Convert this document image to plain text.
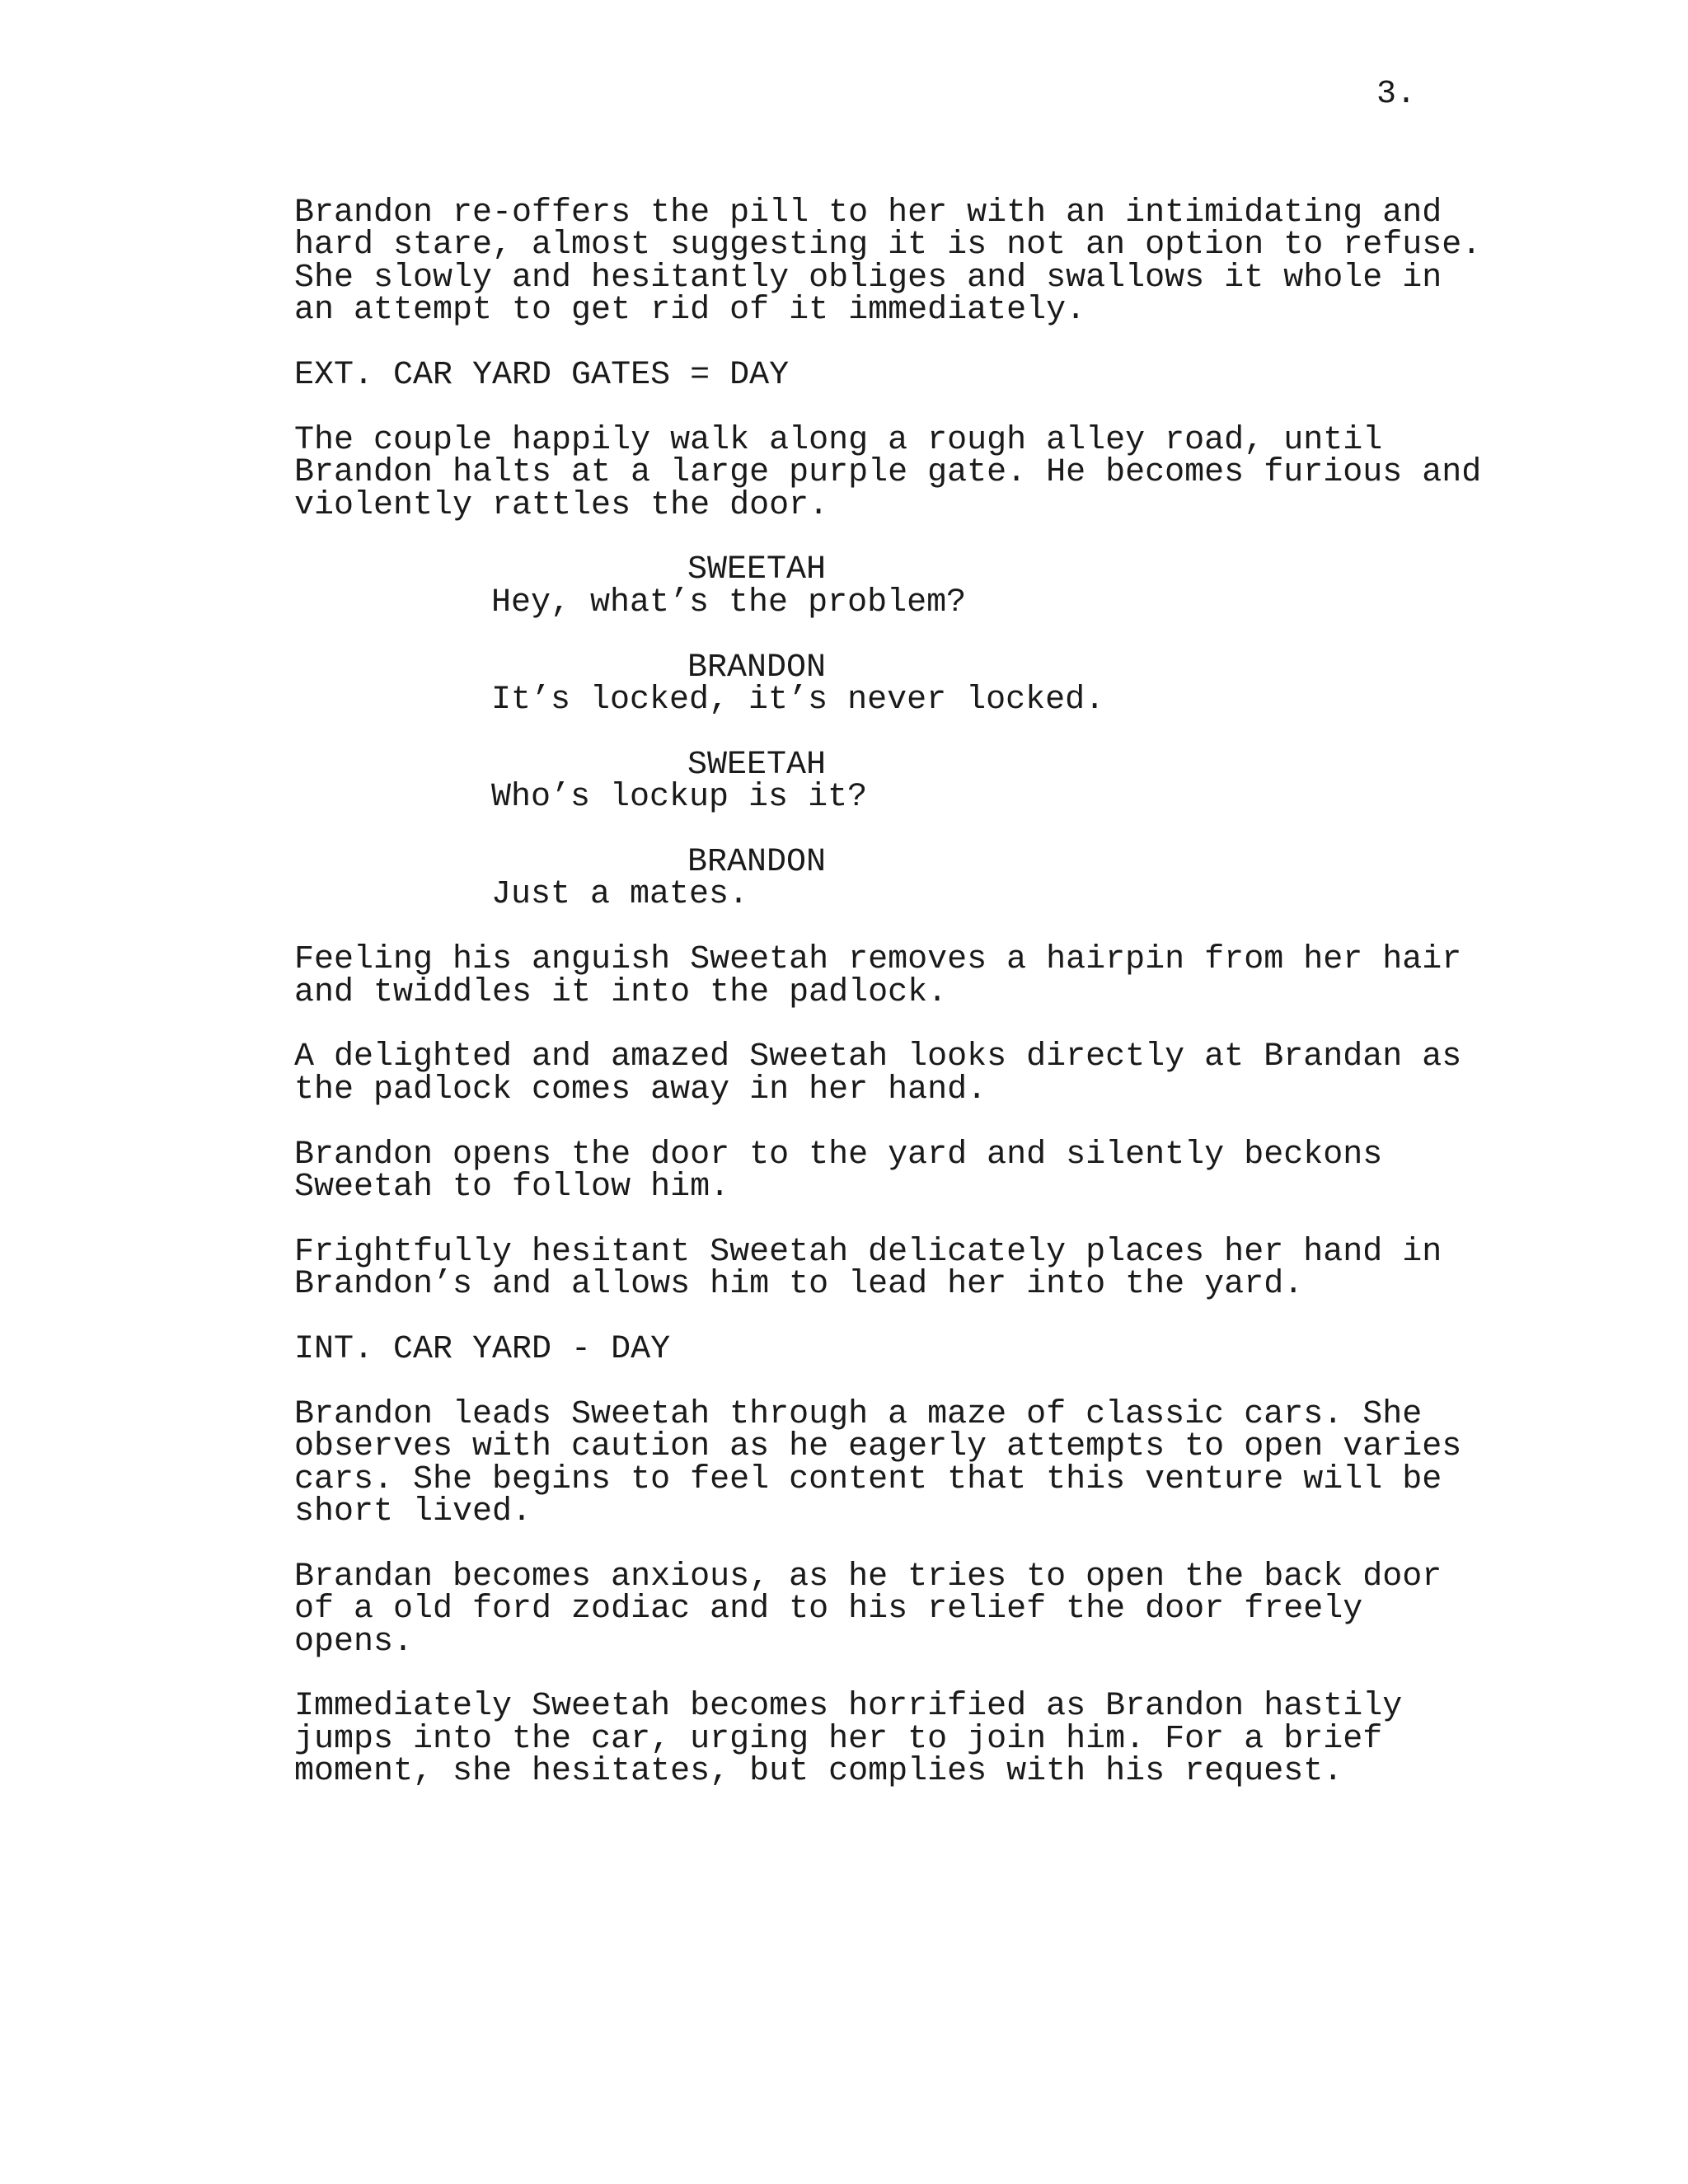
3.

Brandon re-offers the pill to her with an intimidating and
hard stare, almost suggesting it is not an option to refuse.
She slowly and hesitantly obliges and swallows it whole in
an attempt to get rid of it immediately.

EXT. CAR YARD GATES = DAY

The couple happily walk along a rough alley road, until
Brandon halts at a large purple gate. He becomes furious and
violently rattles the door.

SWEETAH

Hey, what’s the problem?

BRANDON

It’s locked, it’s never locked.

SWEETAH

Who’s lockup is it?

BRANDON

Just a mates.

Feeling his anguish Sweetah removes a hairpin from her hair
and twiddles it into the padlock.

A delighted and amazed Sweetah looks directly at Brandan as
the padlock comes away in her hand.

Brandon opens the door to the yard and silently beckons
Sweetah to follow him.

Frightfully hesitant Sweetah delicately places her hand in
Brandon’s and allows him to lead her into the yard.

INT. CAR YARD - DAY

Brandon leads Sweetah through a maze of classic cars. She
observes with caution as he eagerly attempts to open varies
cars. She begins to feel content that this venture will be
short lived.

Brandan becomes anxious, as he tries to open the back door
of a old ford zodiac and to his relief the door freely
opens.

Immediately Sweetah becomes horrified as Brandon hastily
jumps into the car, urging her to join him. For a brief
moment, she hesitates, but complies with his request.
